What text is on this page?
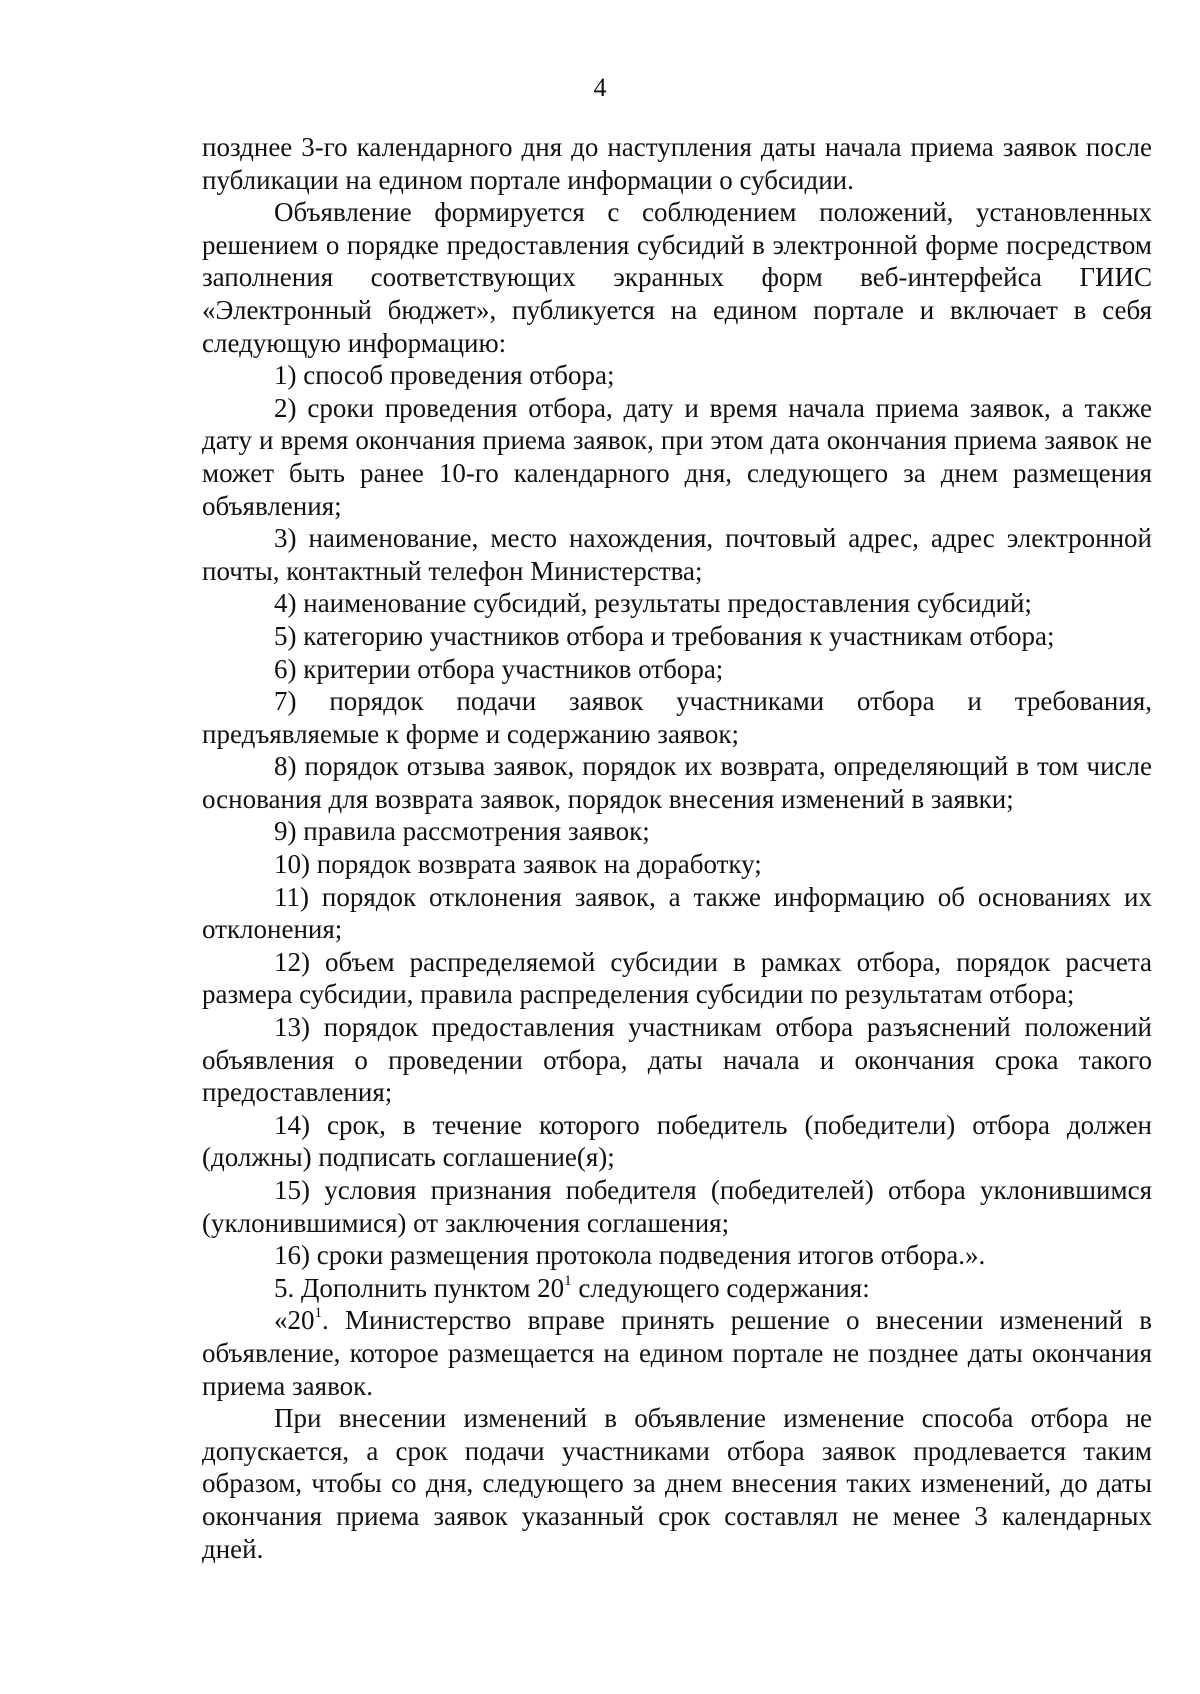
4

позднее 3-го календарного дня до наступления даты начала приема заявок после публикации на едином портале информации о субсидии.

Объявление формируется с соблюдением положений, установленных решением о порядке предоставления субсидий в электронной форме посредством заполнения соответствующих экранных форм веб-интерфейса ГИИС «Электронный бюджет», публикуется на едином портале и включает в себя следующую информацию:

1) способ проведения отбора;

2) сроки проведения отбора, дату и время начала приема заявок, а также дату и время окончания приема заявок, при этом дата окончания приема заявок не может быть ранее 10-го календарного дня, следующего за днем размещения объявления;

3) наименование, место нахождения, почтовый адрес, адрес электронной почты, контактный телефон Министерства;

4) наименование субсидий, результаты предоставления субсидий;

5) категорию участников отбора и требования к участникам отбора;

6) критерии отбора участников отбора;

7) порядок подачи заявок участниками отбора и требования, предъявляемые к форме и содержанию заявок;

8) порядок отзыва заявок, порядок их возврата, определяющий в том числе основания для возврата заявок, порядок внесения изменений в заявки;

9) правила рассмотрения заявок;

10) порядок возврата заявок на доработку;

11) порядок отклонения заявок, а также информацию об основаниях их отклонения;

12) объем распределяемой субсидии в рамках отбора, порядок расчета размера субсидии, правила распределения субсидии по результатам отбора;

13) порядок предоставления участникам отбора разъяснений положений объявления о проведении отбора, даты начала и окончания срока такого предоставления;

14) срок, в течение которого победитель (победители) отбора должен (должны) подписать соглашение(я);

15) условия признания победителя (победителей) отбора уклонившимся (уклонившимися) от заключения соглашения;

16) сроки размещения протокола подведения итогов отбора.».

5. Дополнить пунктом $20^1$ следующего содержания:

«$20^1$. Министерство вправе принять решение о внесении изменений в объявление, которое размещается на едином портале не позднее даты окончания приема заявок.

При внесении изменений в объявление изменение способа отбора не допускается, а срок подачи участниками отбора заявок продлевается таким образом, чтобы со дня, следующего за днем внесения таких изменений, до даты окончания приема заявок указанный срок составлял не менее 3 календарных дней.
